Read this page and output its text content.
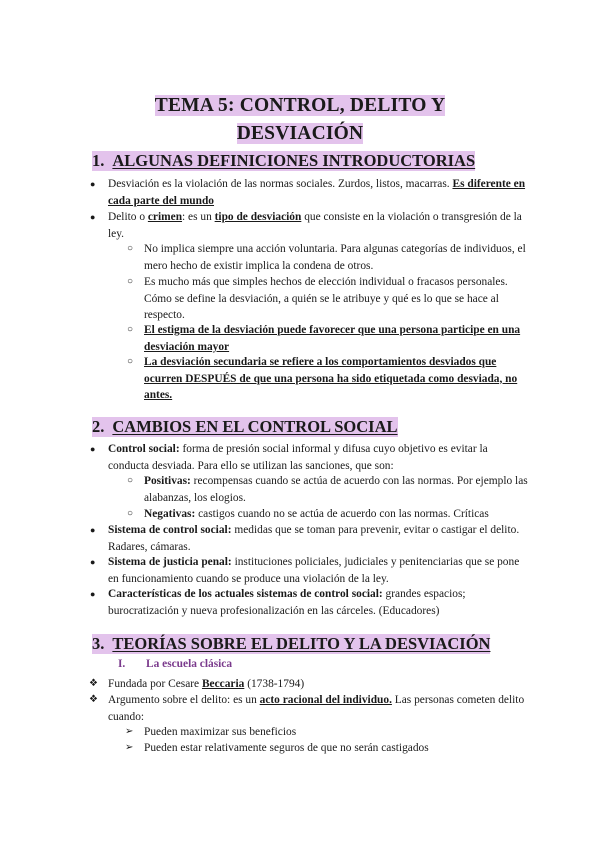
TEMA 5: CONTROL, DELITO Y
DESVIACIÓN
1. ALGUNAS DEFINICIONES INTRODUCTORIAS
● Desviación es la violación de las normas sociales. Zurdos, listos, macarras. Es diferente en cada parte del mundo
● Delito o crimen: es un tipo de desviación que consiste en la violación o transgresión de la ley.
○ No implica siempre una acción voluntaria. Para algunas categorías de individuos, el mero hecho de existir implica la condena de otros.
○ Es mucho más que simples hechos de elección individual o fracasos personales. Cómo se define la desviación, a quién se le atribuye y qué es lo que se hace al respecto.
○ El estigma de la desviación puede favorecer que una persona participe en una desviación mayor
○ La desviación secundaria se refiere a los comportamientos desviados que ocurren DESPUÉS de que una persona ha sido etiquetada como desviada, no antes.
2. CAMBIOS EN EL CONTROL SOCIAL
● Control social: forma de presión social informal y difusa cuyo objetivo es evitar la conducta desviada. Para ello se utilizan las sanciones, que son:
○ Positivas: recompensas cuando se actúa de acuerdo con las normas. Por ejemplo las alabanzas, los elogios.
○ Negativas: castigos cuando no se actúa de acuerdo con las normas. Críticas
● Sistema de control social: medidas que se toman para prevenir, evitar o castigar el delito. Radares, cámaras.
● Sistema de justicia penal: instituciones policiales, judiciales y penitenciarias que se pone en funcionamiento cuando se produce una violación de la ley.
● Características de los actuales sistemas de control social: grandes espacios; burocratización y nueva profesionalización en las cárceles. (Educadores)
3. TEORÍAS SOBRE EL DELITO Y LA DESVIACIÓN
I. La escuela clásica
❖ Fundada por Cesare Beccaria (1738-1794)
❖ Argumento sobre el delito: es un acto racional del individuo. Las personas cometen delito cuando:
➢ Pueden maximizar sus beneficios
➢ Pueden estar relativamente seguros de que no serán castigados
